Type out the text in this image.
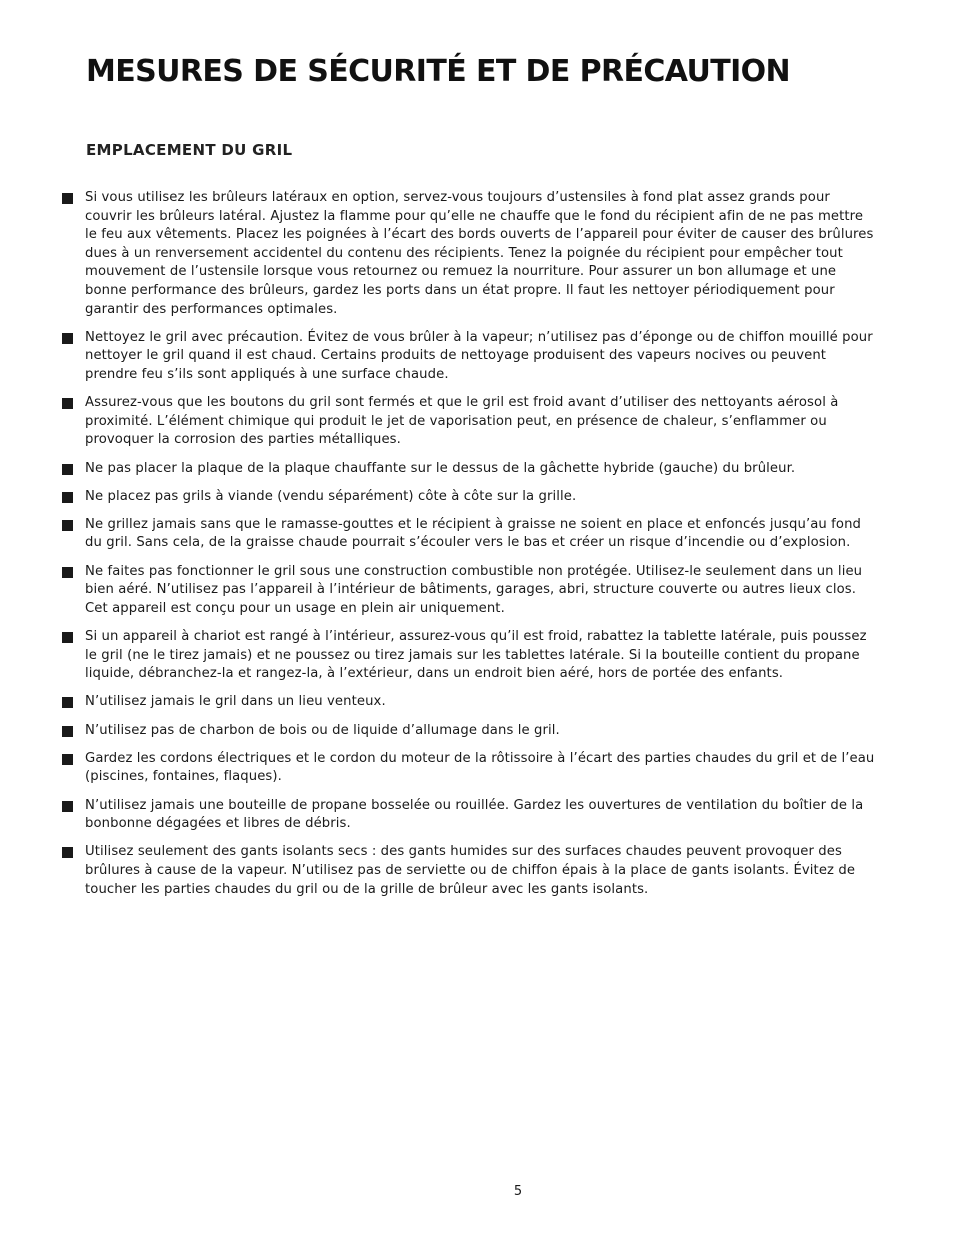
MESURES DE SÉCURITÉ ET DE PRÉCAUTION
EMPLACEMENT DU GRIL
Si vous utilisez les brûleurs latéraux en option, servez-vous toujours d’ustensiles à fond plat assez grands pour couvrir les brûleurs latéral. Ajustez la flamme pour qu’elle ne chauffe que le fond du récipient afin de ne pas mettre le feu aux vêtements. Placez les poignées à l’écart des bords ouverts de l’appareil pour éviter de causer des brûlures dues à un renversement accidentel du contenu des récipients. Tenez la poignée du récipient pour empêcher tout mouvement de l’ustensile lorsque vous retournez ou remuez la nourriture. Pour assurer un bon allumage et une bonne performance des brûleurs, gardez les ports dans un état propre. Il faut les nettoyer périodiquement pour garantir des performances optimales.
Nettoyez le gril avec précaution. Évitez de vous brûler à la vapeur; n’utilisez pas d’éponge ou de chiffon mouillé pour nettoyer le gril quand il est chaud. Certains produits de nettoyage produisent des vapeurs nocives ou peuvent prendre feu s’ils sont appliqués à une surface chaude.
Assurez-vous que les boutons du gril sont fermés et que le gril est froid avant d’utiliser des nettoyants aérosol à proximité. L’élément chimique qui produit le jet de vaporisation peut, en présence de chaleur, s’enflammer ou provoquer la corrosion des parties métalliques.
Ne pas placer la plaque de la plaque chauffante sur le dessus de la gâchette hybride (gauche) du brûleur.
Ne placez pas grils à viande (vendu séparément) côte à côte sur la grille.
Ne grillez jamais sans que le ramasse-gouttes et le récipient à graisse ne soient en place et enfoncés jusqu’au fond du gril. Sans cela, de la graisse chaude pourrait s’écouler vers le bas et créer un risque d’incendie ou d’explosion.
Ne faites pas fonctionner le gril sous une construction combustible non protégée. Utilisez-le seulement dans un lieu bien aéré. N’utilisez pas l’appareil à l’intérieur de bâtiments, garages, abri, structure couverte ou autres lieux clos. Cet appareil est conçu pour un usage en plein air uniquement.
Si un appareil à chariot est rangé à l’intérieur, assurez-vous qu’il est froid, rabattez la tablette latérale, puis poussez le gril (ne le tirez jamais) et ne poussez ou tirez jamais sur les tablettes latérale. Si la bouteille contient du propane liquide, débranchez-la et rangez-la, à l’extérieur, dans un endroit bien aéré, hors de portée des enfants.
N’utilisez jamais le gril dans un lieu venteux.
N’utilisez pas de charbon de bois ou de liquide d’allumage dans le gril.
Gardez les cordons électriques et le cordon du moteur de la rôtissoire à l’écart des parties chaudes du gril et de l’eau (piscines, fontaines, flaques).
N’utilisez jamais une bouteille de propane bosselée ou rouillée. Gardez les ouvertures de ventilation du boîtier de la bonbonne dégagées et libres de débris.
Utilisez seulement des gants isolants secs : des gants humides sur des surfaces chaudes peuvent provoquer des brûlures à cause de la vapeur. N’utilisez pas de serviette ou de chiffon épais à la place de gants isolants. Évitez de toucher les parties chaudes du gril ou de la grille de brûleur avec les gants isolants.
5
